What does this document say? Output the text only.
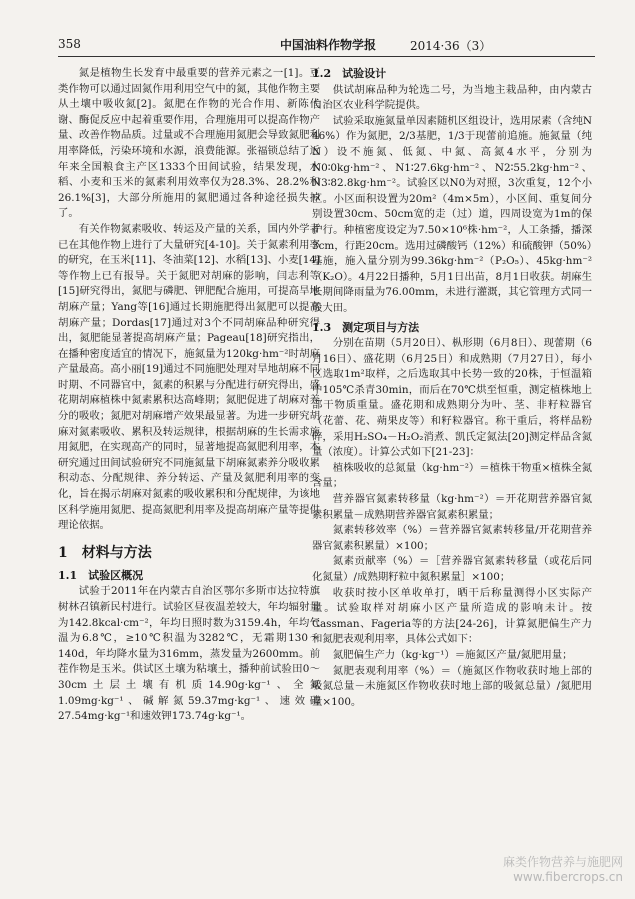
358	中国油料作物学报	2014·36（3）

氮是植物生长发育中最重要的营养元素之一[1]。豆类作物可以通过固氮作用利用空气中的氮，其他作物主要从土壤中吸收氮[2]。氮肥在作物的光合作用、新陈代谢、酶促反应中起着重要作用，合理施用可以提高作物产量、改善作物品质。过量或不合理施用氮肥会导致氮肥利用率降低，污染环境和水源，浪费能源。张福锁总结了近年来全国粮食主产区1333个田间试验，结果发现，水稻、小麦和玉米的氮素利用效率仅为28.3%、28.2%和26.1%[3]，大部分所施用的氮肥通过各种途径损失掉了。

有关作物氮素吸收、转运及产量的关系，国内外学者已在其他作物上进行了大量研究[4-10]。关于氮素利用率的研究，在玉米[11]、冬油菜[12]、水稻[13]、小麦[14]等作物上已有报导。关于氮肥对胡麻的影响，闫志利等[15]研究得出，氮肥与磷肥、钾肥配合施用，可提高旱地胡麻产量；Yang等[16]通过长期施肥得出氮肥可以提高胡麻产量；Dordas[17]通过对3个不同胡麻品种研究得出，氮肥能显著提高胡麻产量；Pageau[18]研究指出，在播种密度适宜的情况下，施氮量为120kg·hm⁻²时胡麻产量最高。高小丽[19]通过不同施肥处理对旱地胡麻不同时期、不同器官中，氮素的积累与分配进行研究得出，盛花期胡麻植株中氮素累积达高峰期；氮肥促进了胡麻对养分的吸收；氮肥对胡麻增产效果最显著。为进一步研究胡麻对氮素吸收、累积及转运规律，根据胡麻的生长需求施用氮肥，在实现高产的同时，显著地提高氮肥利用率，本研究通过田间试验研究不同施氮量下胡麻氮素养分吸收累积动态、分配规律、养分转运、产量及氮肥利用率的变化，旨在揭示胡麻对氮素的吸收累积和分配规律，为该地区科学施用氮肥、提高氮肥利用率及提高胡麻产量等提供理论依据。

1　材料与方法
1.1　试验区概况

试验于2011年在内蒙古自治区鄂尔多斯市达拉特旗树林召镇新民村进行。试验区昼夜温差较大，年均辐射量为142.8kcal·cm⁻²，年均日照时数为3159.4h，年均气温为6.8℃，≥10℃积温为3282℃，无霜期130～140d，年均降水量为316mm，蒸发量为2600mm。前茬作物是玉米。供试区土壤为粘壤土，播种前试验田0～30cm土层土壤有机质14.90g·kg⁻¹、全氮1.09mg·kg⁻¹、碱解氮59.37mg·kg⁻¹、速效磷27.54mg·kg⁻¹和速效钾173.74g·kg⁻¹。

1.2　试验设计

供试胡麻品种为轮选二号，为当地主栽品种，由内蒙古自治区农业科学院提供。

试验采取施氮量单因素随机区组设计，选用尿素（含纯N 46%）作为氮肥，2/3基肥，1/3于现蕾前追施。施氮量（纯N）设不施氮、低氮、中氮、高氮4水平，分别为N0∶0kg·hm⁻²、N1∶27.6kg·hm⁻²、N2∶55.2kg·hm⁻²、N3∶82.8kg·hm⁻²。试验区以N0为对照，3次重复，12个小区。小区面积设置为20m²（4m×5m），小区间、重复间分别设置30cm、50cm宽的走（过）道，四周设宽为1m的保护行。种植密度设定为7.50×10⁶株·hm⁻²，人工条播，播深3cm，行距20cm。选用过磷酸钙（12%）和硫酸钾（50%）基施，施入量分别为99.36kg·hm⁻²（P₂O₅）、45kg·hm⁻²（K₂O）。4月22日播种，5月1日出苗，8月1日收获。胡麻生长期间降雨量为76.00mm，未进行灌溉，其它管理方式同一般大田。

1.3　测定项目与方法

分别在苗期（5月20日）、枞形期（6月8日）、现蕾期（6月16日）、盛花期（6月25日）和成熟期（7月27日），每小区选取1m²取样，之后选取其中长势一致的20株，于恒温箱中105℃杀青30min，而后在70℃烘至恒重，测定植株地上部干物质重量。盛花期和成熟期分为叶、茎、非籽粒器官（花蕾、花、蒴果皮等）和籽粒器官。称干重后，将样品粉碎，采用H₂SO₄－H₂O₂消煮、凯氏定氮法[20]测定样品含氮量（浓度）。计算公式如下[21-23]：

植株吸收的总氮量（kg·hm⁻²）＝植株干物重×植株全氮含量；

营养器官氮素转移量（kg·hm⁻²）＝开花期营养器官氮素积累量－成熟期营养器官氮素积累量；

氮素转移效率（%）＝营养器官氮素转移量/开花期营养器官氮素积累量）×100；

氮素贡献率（%）＝［营养器官氮素转移量（或花后同化氮量）/成熟期籽粒中氮积累量］×100；

收获时按小区单收单打，晒干后称量测得小区实际产量。试验取样对胡麻小区产量所造成的影响未计。按Cassman、Fageria等的方法[24-26]，计算氮肥偏生产力和氮肥表观利用率，具体公式如下：

氮肥偏生产力（kg·kg⁻¹）＝施氮区产量/氮肥用量；

氮肥表观利用率（%）＝（施氮区作物收获时地上部的吸氮总量－未施氮区作物收获时地上部的吸氮总量）/氮肥用量×100。

麻类作物营养与施肥网
www.fibercrops.cn
